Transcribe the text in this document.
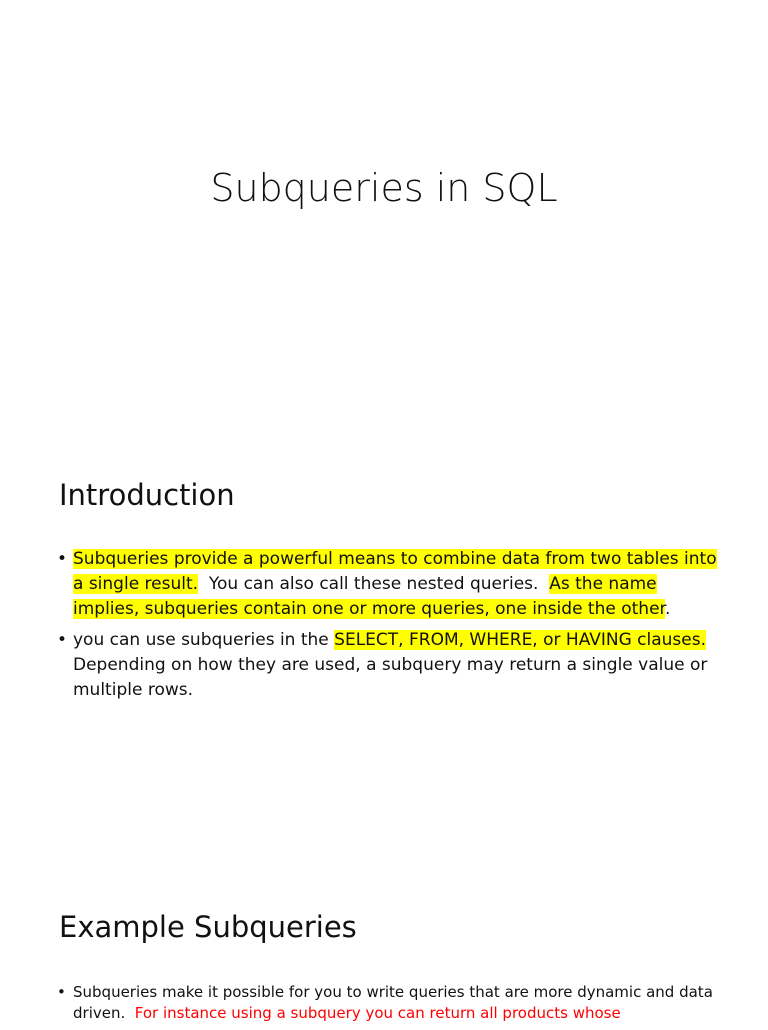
Subqueries in SQL
Introduction
• Subqueries provide a powerful means to combine data from two tables into a single result.  You can also call these nested queries.  As the name implies, subqueries contain one or more queries, one inside the other.
• you can use subqueries in the SELECT, FROM, WHERE, or HAVING clauses.  Depending on how they are used, a subquery may return a single value or multiple rows.
Example Subqueries
• Subqueries make it possible for you to write queries that are more dynamic and data driven.  For instance using a subquery you can return all products whose
